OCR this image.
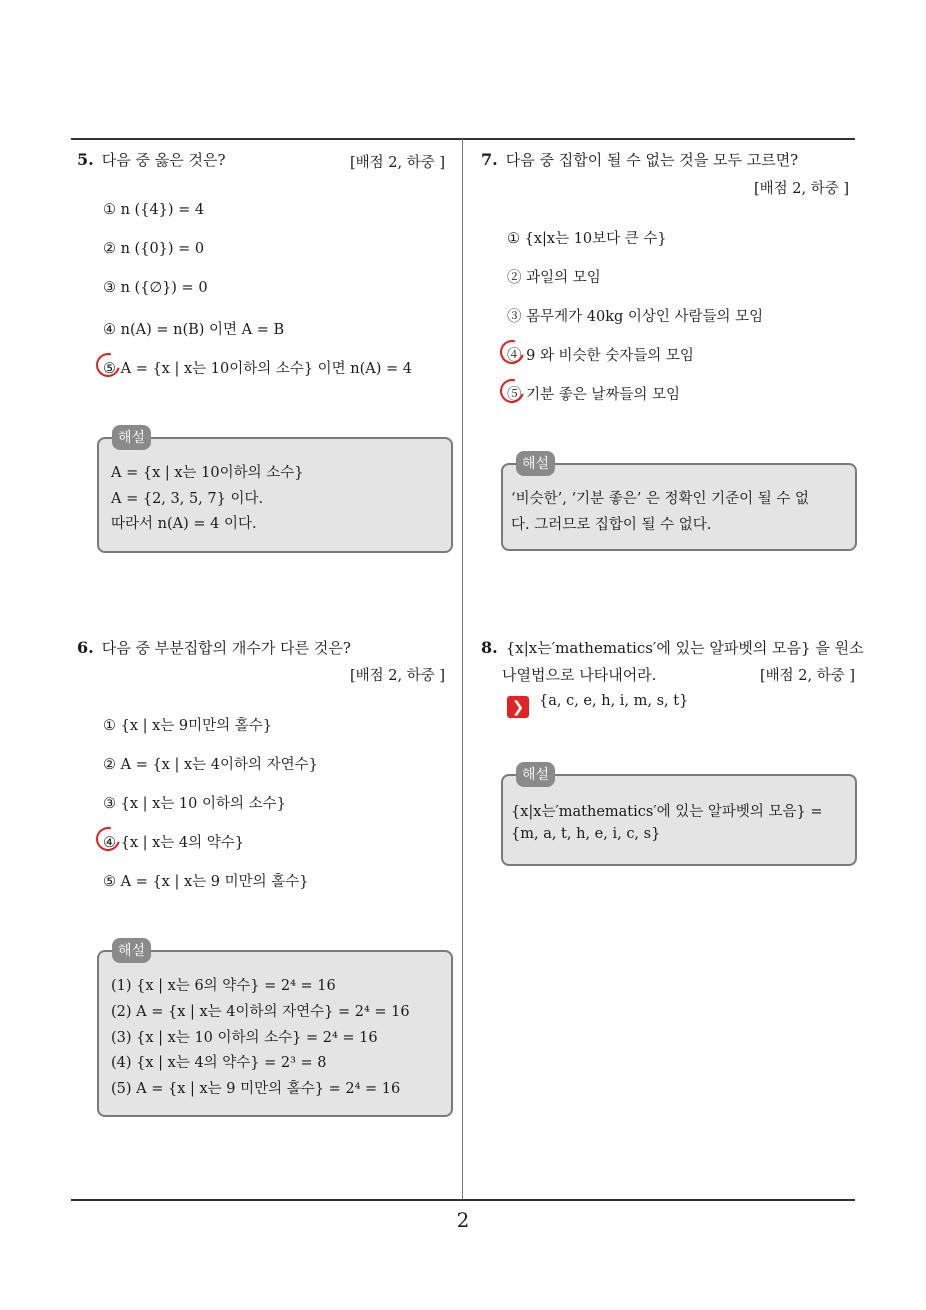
5. 다음 중 옳은 것은?	[배점 2, 하중 ]
① n ({4}) = 4
② n ({0}) = 0
③ n ({∅}) = 0
④ n(A) = n(B) 이면 A = B
⑤ A = {x | x는 10이하의 소수} 이면 n(A) = 4
A = {x | x는 10이하의 소수}
A = {2, 3, 5, 7} 이다.
따라서 n(A) = 4 이다.
해설
6. 다음 중 부분집합의 개수가 다른 것은?
[배점 2, 하중 ]
① {x | x는 9미만의 홀수}
② A = {x | x는 4이하의 자연수}
③ {x | x는 10 이하의 소수}
④ {x | x는 4의 약수}
⑤ A = {x | x는 9 미만의 홀수}
(1) {x | x는 6의 약수} = 2⁴ = 16
(2) A = {x | x는 4이하의 자연수} = 2⁴ = 16
(3) {x | x는 10 이하의 소수} = 2⁴ = 16
(4) {x | x는 4의 약수} = 2³ = 8
(5) A = {x | x는 9 미만의 홀수} = 2⁴ = 16
해설
7. 다음 중 집합이 될 수 없는 것을 모두 고르면?
[배점 2, 하중 ]
① {x|x는 10보다 큰 수}
② 과일의 모임
③ 몸무게가 40kg 이상인 사람들의 모임
④ 9 와 비슷한 숫자들의 모임
⑤ 기분 좋은 날짜들의 모임
‘비슷한’, ‘기분 좋은’ 은 정확인 기준이 될 수 없
다. 그러므로 집합이 될 수 없다.
해설
8. {x|x는′mathematics′에 있는 알파벳의 모음} 을 원소
나열법으로 나타내어라.	[배점 2, 하중 ]
❯	{a, c, e, h, i, m, s, t}
{x|x는′mathematics′에 있는 알파벳의 모음} =
{m, a, t, h, e, i, c, s}
해설
2
